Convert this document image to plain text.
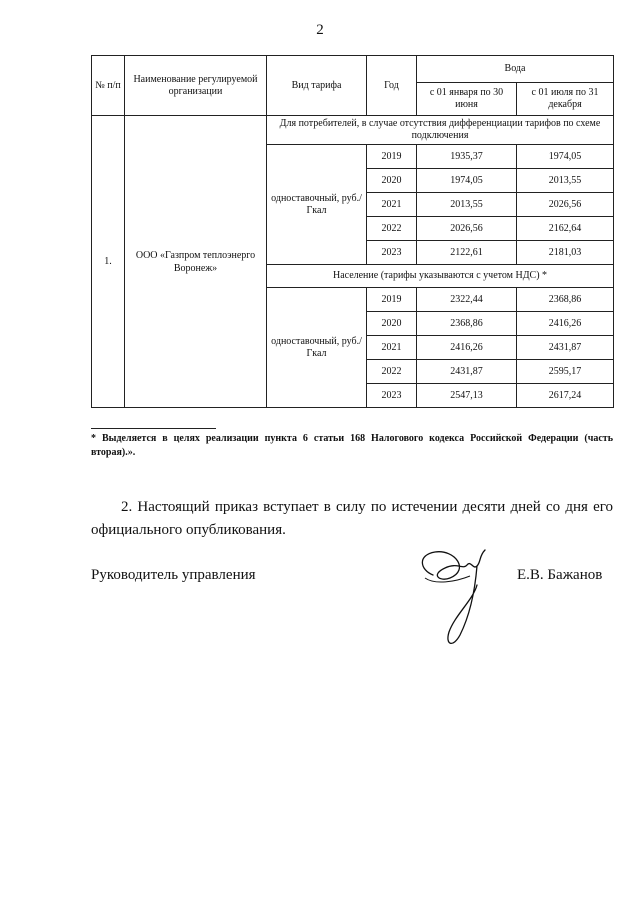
2
№ п/п	Наименование регулируемой организации	Вид тарифа	Год	Вода	
				с 01 января по 30 июня	с 01 июля по 31 декабря
1.	ООО «Газпром теплоэнерго Воронеж»	Для потребителей, в случае отсутствия дифференциации тарифов по схеме подключения			
		одноставочный, руб./Гкал	2019	1935,37	1974,05
			2020	1974,05	2013,55
			2021	2013,55	2026,56
			2022	2026,56	2162,64
			2023	2122,61	2181,03
		Население (тарифы указываются с учетом НДС) *			
		одноставочный, руб./Гкал	2019	2322,44	2368,86
			2020	2368,86	2416,26
			2021	2416,26	2431,87
			2022	2431,87	2595,17
			2023	2547,13	2617,24
* Выделяется в целях реализации пункта 6 статьи 168 Налогового кодекса Российской Федерации (часть вторая).».
2. Настоящий приказ вступает в силу по истечении десяти дней со дня его официального опубликования.
Руководитель управления	Е.В. Бажанов
